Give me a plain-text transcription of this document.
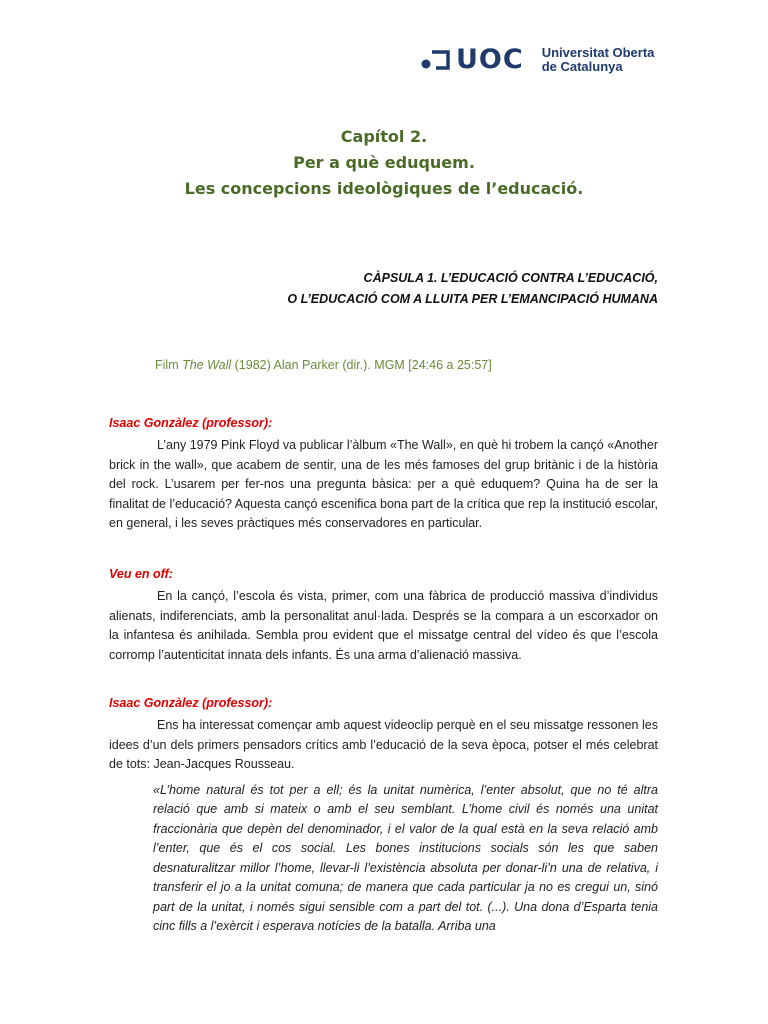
UOC Universitat Oberta
de Catalunya
Capítol 2.
Per a què eduquem.
Les concepcions ideològiques de l’educació.
CÀPSULA 1. L’EDUCACIÓ CONTRA L’EDUCACIÓ,
O L’EDUCACIÓ COM A LLUITA PER L’EMANCIPACIÓ HUMANA
Film The Wall (1982) Alan Parker (dir.). MGM [24:46 a 25:57]

Isaac Gonzàlez (professor):

L’any 1979 Pink Floyd va publicar l’àlbum «The Wall», en què hi trobem la cançó «Another brick in the wall», que acabem de sentir, una de les més famoses del grup britànic i de la història del rock. L’usarem per fer-nos una pregunta bàsica: per a què eduquem? Quina ha de ser la finalitat de l’educació? Aquesta cançó escenifica bona part de la crítica que rep la institució escolar, en general, i les seves pràctiques més conservadores en particular.

Veu en off:

En la cançó, l’escola és vista, primer, com una fàbrica de producció massiva d’individus alienats, indiferenciats, amb la personalitat anul·lada. Després se la compara a un escorxador on la infantesa és anihilada. Sembla prou evident que el missatge central del vídeo és que l’escola corromp l’autenticitat innata dels infants. És una arma d’alienació massiva.

Isaac Gonzàlez (professor):

Ens ha interessat començar amb aquest videoclip perquè en el seu missatge ressonen les idees d’un dels primers pensadors crítics amb l’educació de la seva època, potser el més celebrat de tots: Jean-Jacques Rousseau.

«L’home natural és tot per a ell; és la unitat numèrica, l’enter absolut, que no té altra relació que amb si mateix o amb el seu semblant. L’home civil és només una unitat fraccionària que depèn del denominador, i el valor de la qual està en la seva relació amb l’enter, que és el cos social. Les bones institucions socials són les que saben desnaturalitzar millor l’home, llevar-li l’existència absoluta per donar-li’n una de relativa, i transferir el jo a la unitat comuna; de manera que cada particular ja no es cregui un, sinó part de la unitat, i només sigui sensible com a part del tot. (...). Una dona d’Esparta tenia cinc fills a l’exèrcit i esperava notícies de la batalla. Arriba una
